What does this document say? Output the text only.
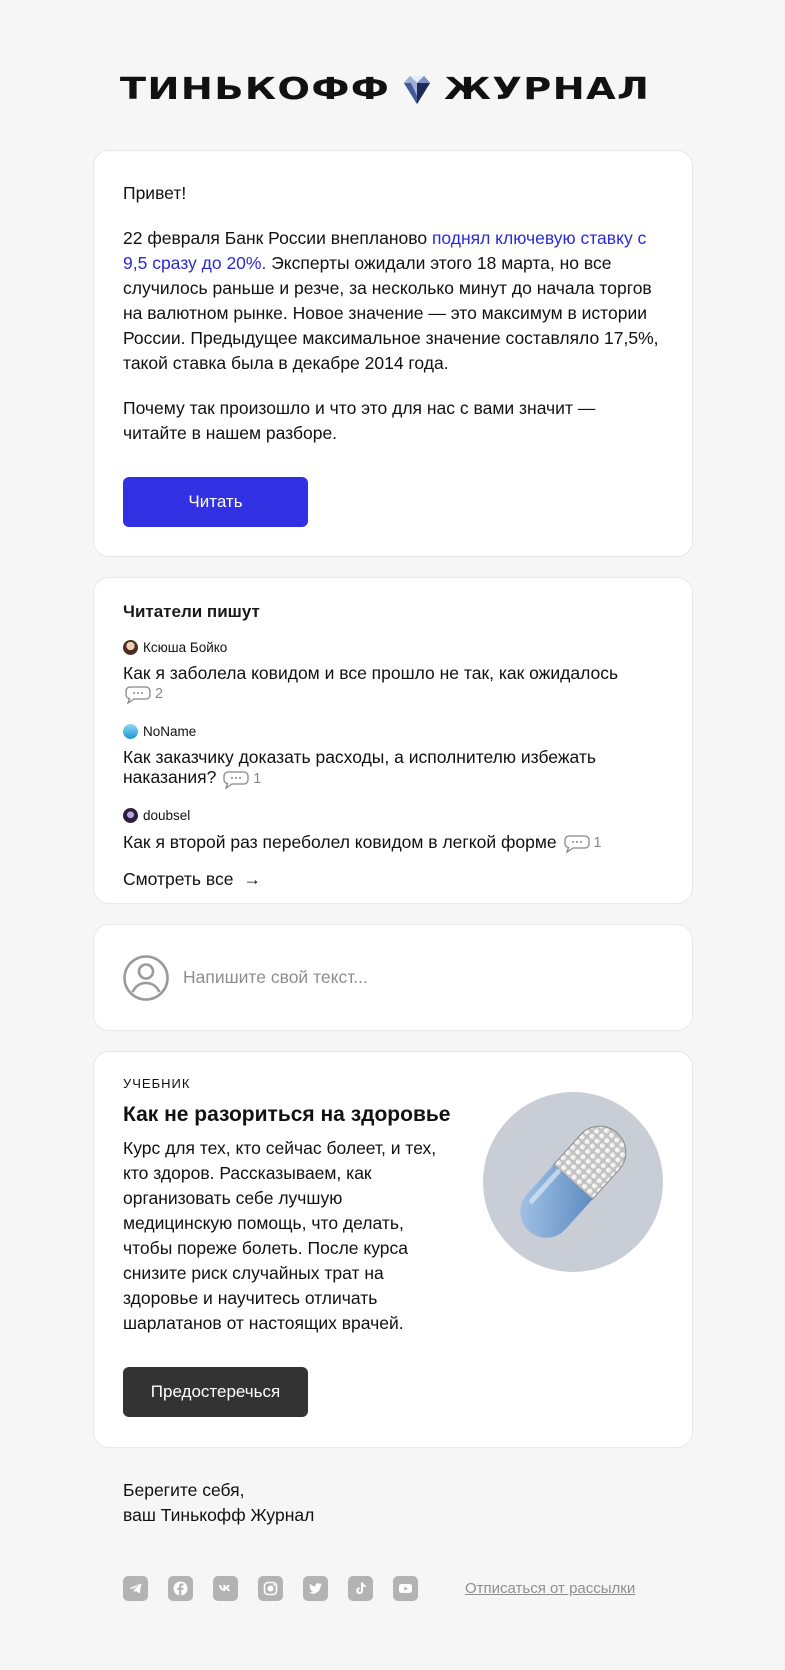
ТИНЬКОФФ ЖУРНАЛ

Привет!

22 февраля Банк России внепланово поднял ключевую ставку с 9,5 сразу до 20%. Эксперты ожидали этого 18 марта, но все случилось раньше и резче, за несколько минут до начала торгов на валютном рынке. Новое значение — это максимум в истории России. Предыдущее максимальное значение составляло 17,5%, такой ставка была в декабре 2014 года.

Почему так произошло и что это для нас с вами значит — читайте в нашем разборе.

Читать
Читатели пишут
Ксюша Бойко
Как я заболела ковидом и все прошло не так, как ожидалось
2
NoName
Как заказчику доказать расходы, а исполнителю избежать наказания?	1
doubsel
Как я второй раз переболел ковидом в легкой форме	1
Смотреть все →
Напишите свой текст...
УЧЕБНИК
Как не разориться на здоровье

Курс для тех, кто сейчас болеет, и тех, кто здоров. Рассказываем, как организовать себе лучшую медицинскую помощь, что делать, чтобы пореже болеть. После курса снизите риск случайных трат на здоровье и научитесь отличать шарлатанов от настоящих врачей.

Предостеречься
Берегите себя,
ваш Тинькофф Журнал
Отписаться от рассылки
